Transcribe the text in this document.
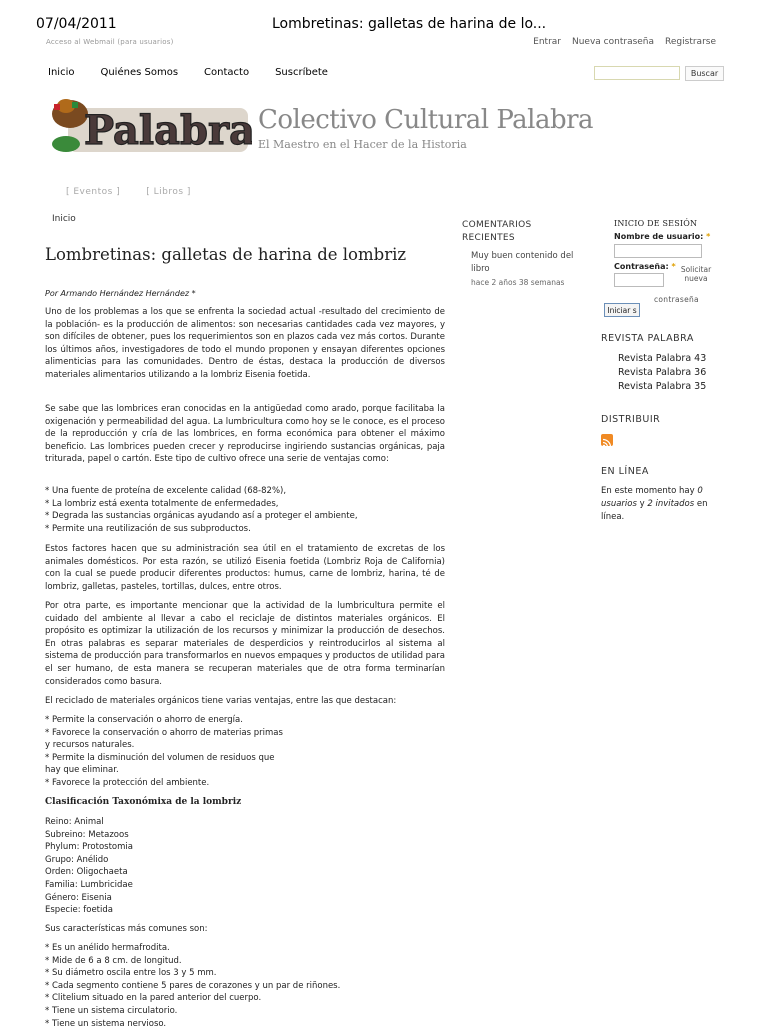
07/04/2011	Lombretinas: galletas de harina de lo...
Acceso al Webmail (para usuarios)	Entrar Nueva contraseña Registrarse
Inicio	Quiénes Somos	Contacto	Suscríbete	Buscar
Palabra Colectivo Cultural Palabra
El Maestro en el Hacer de la Historia
[ Eventos ]	[ Libros ]
Inicio
Lombretinas: galletas de harina de lombriz
Por Armando Hernández Hernández *

Uno de los problemas a los que se enfrenta la sociedad actual -resultado del crecimiento de la población- es la producción de alimentos: son necesarias cantidades cada vez mayores, y son difíciles de obtener, pues los requerimientos son en plazos cada vez más cortos. Durante los últimos años, investigadores de todo el mundo proponen y ensayan diferentes opciones alimenticias para las comunidades. Dentro de éstas, destaca la producción de diversos materiales alimentarios utilizando a la lombriz Eisenia foetida.

Se sabe que las lombrices eran conocidas en la antigüedad como arado, porque facilitaba la oxigenación y permeabilidad del agua. La lumbricultura como hoy se le conoce, es el proceso de la reproducción y cría de las lombrices, en forma económica para obtener el máximo beneficio. Las lombrices pueden crecer y reproducirse ingiriendo sustancias orgánicas, paja triturada, papel o cartón. Este tipo de cultivo ofrece una serie de ventajas como:

* Una fuente de proteína de excelente calidad (68-82%),
* La lombriz está exenta totalmente de enfermedades,
* Degrada las sustancias orgánicas ayudando así a proteger el ambiente,
* Permite una reutilización de sus subproductos.

Estos factores hacen que su administración sea útil en el tratamiento de excretas de los animales domésticos. Por esta razón, se utilizó Eisenia foetida (Lombriz Roja de California) con la cual se puede producir diferentes productos: humus, carne de lombriz, harina, té de lombriz, galletas, pasteles, tortillas, dulces, entre otros.

Por otra parte, es importante mencionar que la actividad de la lumbricultura permite el cuidado del ambiente al llevar a cabo el reciclaje de distintos materiales orgánicos. El propósito es optimizar la utilización de los recursos y minimizar la producción de desechos. En otras palabras es separar materiales de desperdicios y reintroducirlos al sistema al sistema de producción para transformarlos en nuevos empaques y productos de utilidad para el ser humano, de esta manera se recuperan materiales que de otra forma terminarían considerados como basura.

El reciclado de materiales orgánicos tiene varias ventajas, entre las que destacan:
* Permite la conservación o ahorro de energía.
* Favorece la conservación o ahorro de materias primas
y recursos naturales.
* Permite la disminución del volumen de residuos que
hay que eliminar.
* Favorece la protección del ambiente.
Clasificación Taxonómixa de la lombriz
Reino: Animal
Subreino: Metazoos
Phylum: Protostomia
Grupo: Anélido
Orden: Oligochaeta
Familia: Lumbricidae
Género: Eisenia
Especie: foetida
Sus características más comunes son:
* Es un anélido hermafrodita.
* Mide de 6 a 8 cm. de longitud.
* Su diámetro oscila entre los 3 y 5 mm.
* Cada segmento contiene 5 pares de corazones y un par de riñones.
* Clitelium situado en la pared anterior del cuerpo.
* Tiene un sistema circulatorio.
* Tiene un sistema nervioso.
COMENTARIOS RECIENTES
Muy buen contenido del libro
hace 2 años 38 semanas
INICIO DE SESIÓN
Nombre de usuario: *
Contraseña: * Solicitar nueva
contraseña
Iniciar s
REVISTA PALABRA
Revista Palabra 43
Revista Palabra 36
Revista Palabra 35
DISTRIBUIR
EN LÍNEA
En este momento hay 0 usuarios y 2 invitados en línea.
